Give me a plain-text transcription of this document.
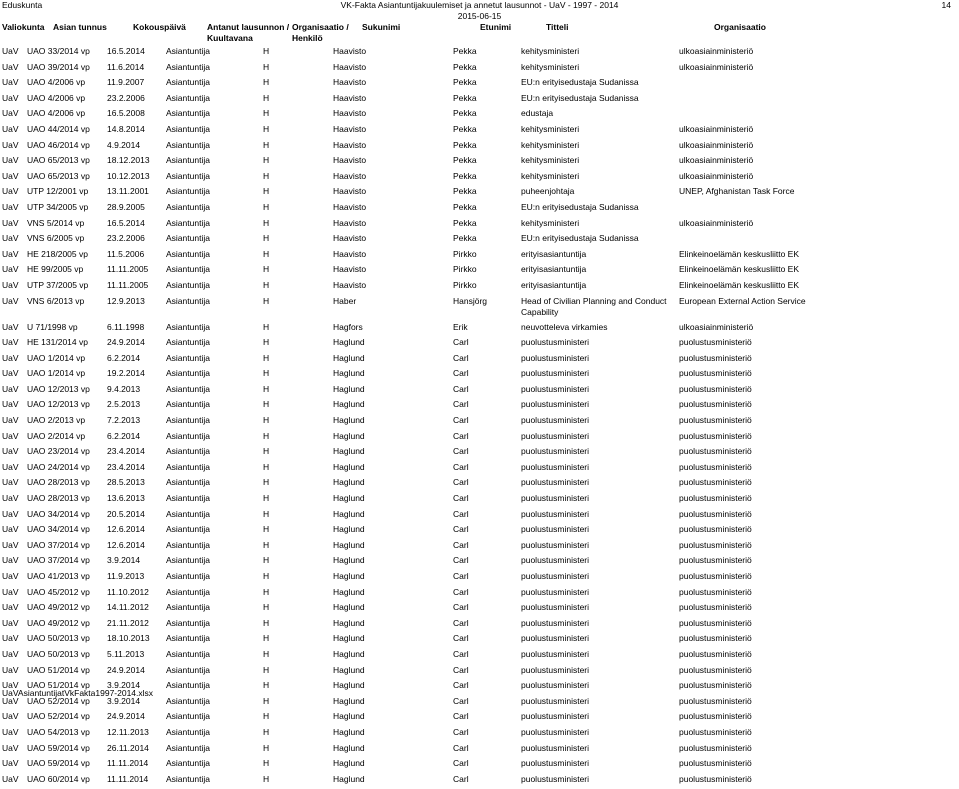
Eduskunta	VK-Fakta Asiantuntijakuulemiset ja annetut lausunnot - UaV - 1997 - 2014
2015-06-15
14
Valiokunta Asian tunnus	Kokouspäivä Antanut lausunnon /
Kuultavana
Organisaatio /
Henkilö
Sukunimi	Etunimi	Titteli	Organisaatio
UaV	UAO 33/2014 vp	16.5.2014	Asiantuntija	H	Haavisto	Pekka	kehitysministeri	ulkoasiainministeriö
UaV	UAO 39/2014 vp	11.6.2014	Asiantuntija	H	Haavisto	Pekka	kehitysministeri	ulkoasiainministeriö
UaV	UAO 4/2006 vp	11.9.2007	Asiantuntija	H	Haavisto	Pekka	EU:n erityisedustaja Sudanissa	
UaV	UAO 4/2006 vp	23.2.2006	Asiantuntija	H	Haavisto	Pekka	EU:n erityisedustaja Sudanissa	
UaV	UAO 4/2006 vp	16.5.2008	Asiantuntija	H	Haavisto	Pekka	edustaja	
UaV	UAO 44/2014 vp	14.8.2014	Asiantuntija	H	Haavisto	Pekka	kehitysministeri	ulkoasiainministeriö
UaV	UAO 46/2014 vp	4.9.2014	Asiantuntija	H	Haavisto	Pekka	kehitysministeri	ulkoasiainministeriö
UaV	UAO 65/2013 vp	18.12.2013	Asiantuntija	H	Haavisto	Pekka	kehitysministeri	ulkoasiainministeriö
UaV	UAO 65/2013 vp	10.12.2013	Asiantuntija	H	Haavisto	Pekka	kehitysministeri	ulkoasiainministeriö
UaV	UTP 12/2001 vp	13.11.2001	Asiantuntija	H	Haavisto	Pekka	puheenjohtaja	UNEP, Afghanistan Task Force
UaV	UTP 34/2005 vp	28.9.2005	Asiantuntija	H	Haavisto	Pekka	EU:n erityisedustaja Sudanissa	
UaV	VNS 5/2014 vp	16.5.2014	Asiantuntija	H	Haavisto	Pekka	kehitysministeri	ulkoasiainministeriö
UaV	VNS 6/2005 vp	23.2.2006	Asiantuntija	H	Haavisto	Pekka	EU:n erityisedustaja Sudanissa	
UaV	HE 218/2005 vp	11.5.2006	Asiantuntija	H	Haavisto	Pirkko	erityisasiantuntija	Elinkeinoelämän keskusliitto EK
UaV	HE 99/2005 vp	11.11.2005	Asiantuntija	H	Haavisto	Pirkko	erityisasiantuntija	Elinkeinoelämän keskusliitto EK
UaV	UTP 37/2005 vp	11.11.2005	Asiantuntija	H	Haavisto	Pirkko	erityisasiantuntija	Elinkeinoelämän keskusliitto EK
UaV	VNS 6/2013 vp	12.9.2013	Asiantuntija	H	Haber	Hansjörg	Head of Civilian Planning and Conduct Capability	European External Action Service
UaV	U 71/1998 vp	6.11.1998	Asiantuntija	H	Hagfors	Erik	neuvotteleva virkamies	ulkoasiainministeriö
UaV	HE 131/2014 vp	24.9.2014	Asiantuntija	H	Haglund	Carl	puolustusministeri	puolustusministeriö
UaV	UAO 1/2014 vp	6.2.2014	Asiantuntija	H	Haglund	Carl	puolustusministeri	puolustusministeriö
UaV	UAO 1/2014 vp	19.2.2014	Asiantuntija	H	Haglund	Carl	puolustusministeri	puolustusministeriö
UaV	UAO 12/2013 vp	9.4.2013	Asiantuntija	H	Haglund	Carl	puolustusministeri	puolustusministeriö
UaV	UAO 12/2013 vp	2.5.2013	Asiantuntija	H	Haglund	Carl	puolustusministeri	puolustusministeriö
UaV	UAO 2/2013 vp	7.2.2013	Asiantuntija	H	Haglund	Carl	puolustusministeri	puolustusministeriö
UaV	UAO 2/2014 vp	6.2.2014	Asiantuntija	H	Haglund	Carl	puolustusministeri	puolustusministeriö
UaV	UAO 23/2014 vp	23.4.2014	Asiantuntija	H	Haglund	Carl	puolustusministeri	puolustusministeriö
UaV	UAO 24/2014 vp	23.4.2014	Asiantuntija	H	Haglund	Carl	puolustusministeri	puolustusministeriö
UaV	UAO 28/2013 vp	28.5.2013	Asiantuntija	H	Haglund	Carl	puolustusministeri	puolustusministeriö
UaV	UAO 28/2013 vp	13.6.2013	Asiantuntija	H	Haglund	Carl	puolustusministeri	puolustusministeriö
UaV	UAO 34/2014 vp	20.5.2014	Asiantuntija	H	Haglund	Carl	puolustusministeri	puolustusministeriö
UaV	UAO 34/2014 vp	12.6.2014	Asiantuntija	H	Haglund	Carl	puolustusministeri	puolustusministeriö
UaV	UAO 37/2014 vp	12.6.2014	Asiantuntija	H	Haglund	Carl	puolustusministeri	puolustusministeriö
UaV	UAO 37/2014 vp	3.9.2014	Asiantuntija	H	Haglund	Carl	puolustusministeri	puolustusministeriö
UaV	UAO 41/2013 vp	11.9.2013	Asiantuntija	H	Haglund	Carl	puolustusministeri	puolustusministeriö
UaV	UAO 45/2012 vp	11.10.2012	Asiantuntija	H	Haglund	Carl	puolustusministeri	puolustusministeriö
UaV	UAO 49/2012 vp	14.11.2012	Asiantuntija	H	Haglund	Carl	puolustusministeri	puolustusministeriö
UaV	UAO 49/2012 vp	21.11.2012	Asiantuntija	H	Haglund	Carl	puolustusministeri	puolustusministeriö
UaV	UAO 50/2013 vp	18.10.2013	Asiantuntija	H	Haglund	Carl	puolustusministeri	puolustusministeriö
UaV	UAO 50/2013 vp	5.11.2013	Asiantuntija	H	Haglund	Carl	puolustusministeri	puolustusministeriö
UaV	UAO 51/2014 vp	24.9.2014	Asiantuntija	H	Haglund	Carl	puolustusministeri	puolustusministeriö
UaV	UAO 51/2014 vp	3.9.2014	Asiantuntija	H	Haglund	Carl	puolustusministeri	puolustusministeriö
UaV	UAO 52/2014 vp	3.9.2014	Asiantuntija	H	Haglund	Carl	puolustusministeri	puolustusministeriö
UaV	UAO 52/2014 vp	24.9.2014	Asiantuntija	H	Haglund	Carl	puolustusministeri	puolustusministeriö
UaV	UAO 54/2013 vp	12.11.2013	Asiantuntija	H	Haglund	Carl	puolustusministeri	puolustusministeriö
UaV	UAO 59/2014 vp	26.11.2014	Asiantuntija	H	Haglund	Carl	puolustusministeri	puolustusministeriö
UaV	UAO 59/2014 vp	11.11.2014	Asiantuntija	H	Haglund	Carl	puolustusministeri	puolustusministeriö
UaV	UAO 60/2014 vp	11.11.2014	Asiantuntija	H	Haglund	Carl	puolustusministeri	puolustusministeriö
UaVAsiantuntijatVkFakta1997-2014.xlsx
